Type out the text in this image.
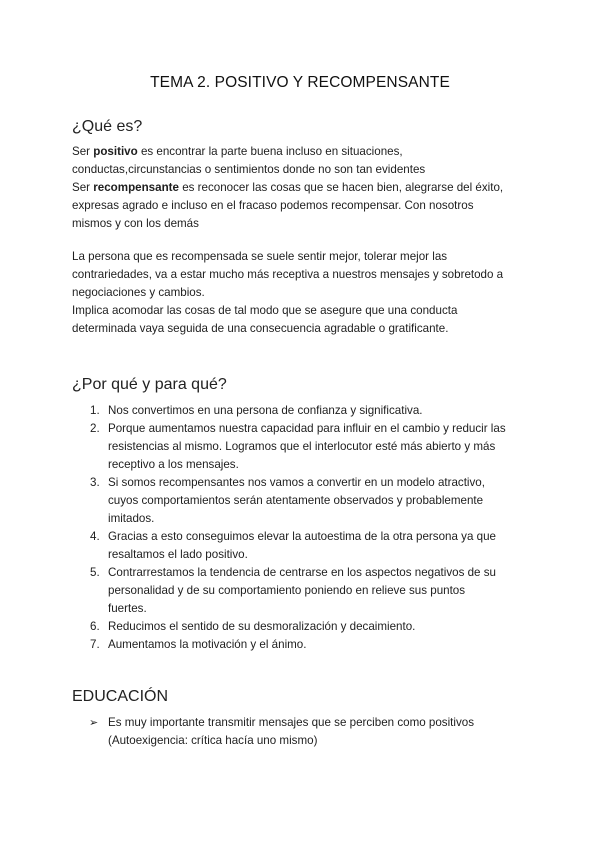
TEMA 2. POSITIVO Y RECOMPENSANTE
¿Qué es?

Ser positivo es encontrar la parte buena incluso en situaciones,
conductas,circunstancias o sentimientos donde no son tan evidentes
Ser recompensante es reconocer las cosas que se hacen bien, alegrarse del éxito,
expresas agrado e incluso en el fracaso podemos recompensar. Con nosotros
mismos y con los demás

La persona que es recompensada se suele sentir mejor, tolerar mejor las
contrariedades, va a estar mucho más receptiva a nuestros mensajes y sobretodo a
negociaciones y cambios.
Implica acomodar las cosas de tal modo que se asegure que una conducta
determinada vaya seguida de una consecuencia agradable o gratificante.

¿Por qué y para qué?
1. Nos convertimos en una persona de confianza y significativa.
2. Porque aumentamos nuestra capacidad para influir en el cambio y reducir las
resistencias al mismo. Logramos que el interlocutor esté más abierto y más
receptivo a los mensajes.
3. Si somos recompensantes nos vamos a convertir en un modelo atractivo,
cuyos comportamientos serán atentamente observados y probablemente
imitados.
4. Gracias a esto conseguimos elevar la autoestima de la otra persona ya que
resaltamos el lado positivo.
5. Contrarrestamos la tendencia de centrarse en los aspectos negativos de su
personalidad y de su comportamiento poniendo en relieve sus puntos
fuertes.
6. Reducimos el sentido de su desmoralización y decaimiento.
7. Aumentamos la motivación y el ánimo.
EDUCACIÓN
➢ Es muy importante transmitir mensajes que se perciben como positivos
(Autoexigencia: crítica hacía uno mismo)
